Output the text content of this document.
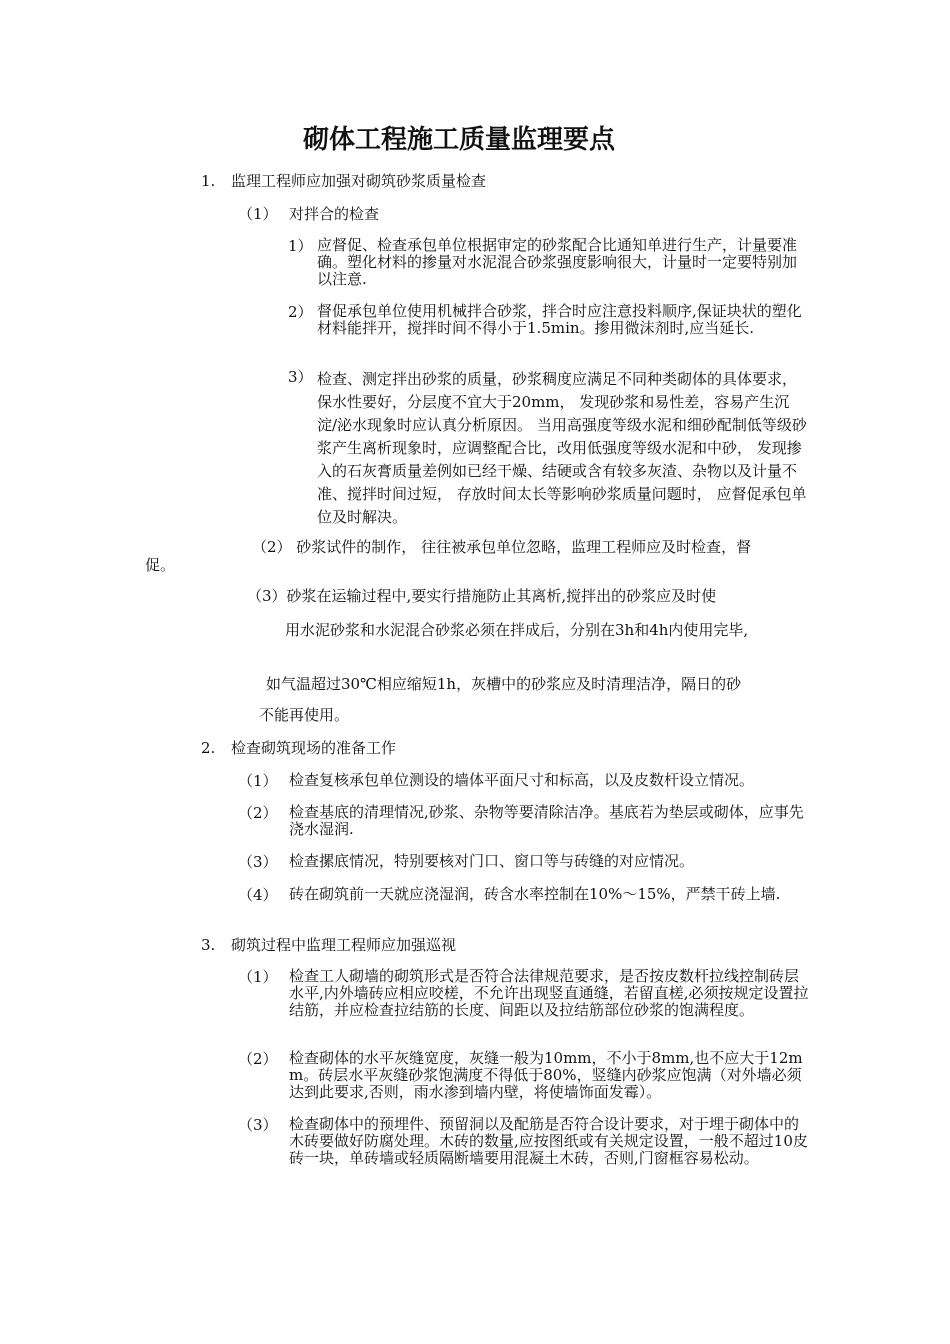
砌体工程施工质量监理要点

1. 监理工程师应加强对砌筑砂浆质量检查

（1） 对拌合的检查

1） 应督促、检查承包单位根据审定的砂浆配合比通知单进行生产，计量要准确。塑化材料的掺量对水泥混合砂浆强度影响很大，计量时一定要特别加以注意.

2） 督促承包单位使用机械拌合砂浆，拌合时应注意投料顺序,保证块状的塑化材料能拌开，搅拌时间不得小于1.5min。掺用微沫剂时,应当延长.

3） 检查、测定拌出砂浆的质量，砂浆稠度应满足不同种类砌体的具体要求，保水性要好，分层度不宜大于20mm， 发现砂浆和易性差，容易产生沉淀/泌水现象时应认真分析原因。 当用高强度等级水泥和细砂配制低等级砂浆产生离析现象时，应调整配合比，改用低强度等级水泥和中砂， 发现掺入的石灰膏质量差例如已经干燥、结硬或含有较多灰渣、杂物以及计量不准、搅拌时间过短， 存放时间太长等影响砂浆质量问题时， 应督促承包单位及时解决。

（2） 砂浆试件的制作， 往往被承包单位忽略，监理工程师应及时检查，督

促。

（3）砂浆在运输过程中,要实行措施防止其离析,搅拌出的砂浆应及时使

用水泥砂浆和水泥混合砂浆必须在拌成后，分别在3h和4h内使用完毕,

如气温超过30℃相应缩短1h，灰槽中的砂浆应及时清理洁净，隔日的砂

不能再使用。

2. 检查砌筑现场的准备工作

（1） 检查复核承包单位测设的墙体平面尺寸和标高，以及皮数杆设立情况。

（2） 检查基底的清理情况,砂浆、杂物等要清除洁净。基底若为垫层或砌体，应事先浇水湿润.

（3） 检查摞底情况，特别要核对门口、窗口等与砖缝的对应情况。

（4） 砖在砌筑前一天就应浇湿润，砖含水率控制在10%～15%，严禁干砖上墙.

3. 砌筑过程中监理工程师应加强巡视

（1） 检查工人砌墙的砌筑形式是否符合法律规范要求，是否按皮数杆拉线控制砖层水平,内外墙砖应相应咬槎，不允许出现竖直通缝，若留直槎,必须按规定设置拉结筋，并应检查拉结筋的长度、间距以及拉结筋部位砂浆的饱满程度。

（2） 检查砌体的水平灰缝宽度，灰缝一般为10mm，不小于8mm,也不应大于12mm。砖层水平灰缝砂浆饱满度不得低于80%，竖缝内砂浆应饱满（对外墙必须达到此要求,否则，雨水渗到墙内壁，将使墙饰面发霉）。

（3） 检查砌体中的预埋件、预留洞以及配筋是否符合设计要求，对于埋于砌体中的木砖要做好防腐处理。木砖的数量,应按图纸或有关规定设置，一般不超过10皮砖一块，单砖墙或轻质隔断墙要用混凝土木砖，否则,门窗框容易松动。
